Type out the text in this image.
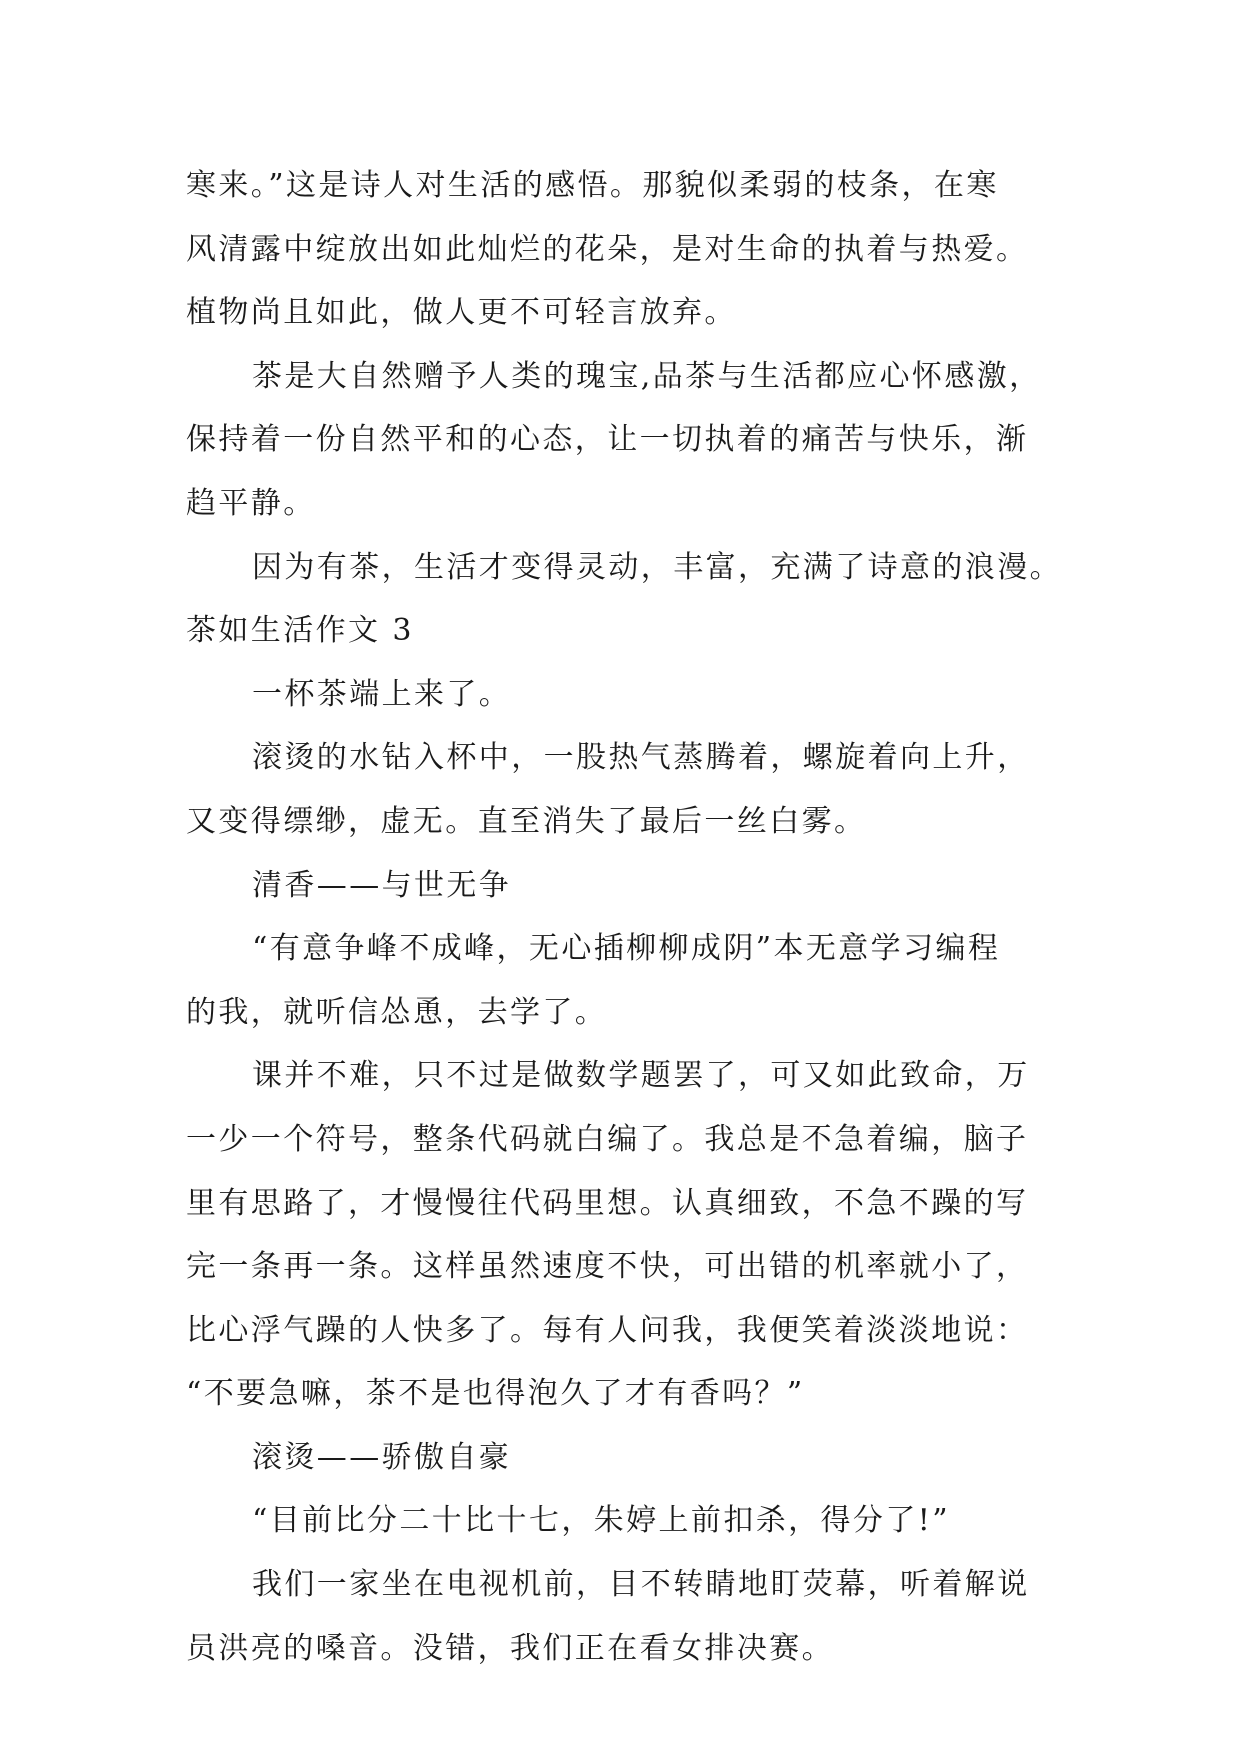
寒来。”这是诗人对生活的感悟。那貌似柔弱的枝条，在寒
风清露中绽放出如此灿烂的花朵，是对生命的执着与热爱。
植物尚且如此，做人更不可轻言放弃。
茶是大自然赠予人类的瑰宝,品茶与生活都应心怀感激，
保持着一份自然平和的心态，让一切执着的痛苦与快乐，渐
趋平静。
因为有茶，生活才变得灵动，丰富，充满了诗意的浪漫。
茶如生活作文 3
一杯茶端上来了。
滚烫的水钻入杯中，一股热气蒸腾着，螺旋着向上升，
又变得缥缈，虚无。直至消失了最后一丝白雾。
清香——与世无争
“有意争峰不成峰，无心插柳柳成阴”本无意学习编程
的我，就听信怂恿，去学了。
课并不难，只不过是做数学题罢了，可又如此致命，万
一少一个符号，整条代码就白编了。我总是不急着编，脑子
里有思路了，才慢慢往代码里想。认真细致，不急不躁的写
完一条再一条。这样虽然速度不快，可出错的机率就小了，
比心浮气躁的人快多了。每有人问我，我便笑着淡淡地说：
“不要急嘛，茶不是也得泡久了才有香吗？”
滚烫——骄傲自豪
“目前比分二十比十七，朱婷上前扣杀，得分了!”
我们一家坐在电视机前，目不转睛地盯荧幕，听着解说
员洪亮的嗓音。没错，我们正在看女排决赛。
